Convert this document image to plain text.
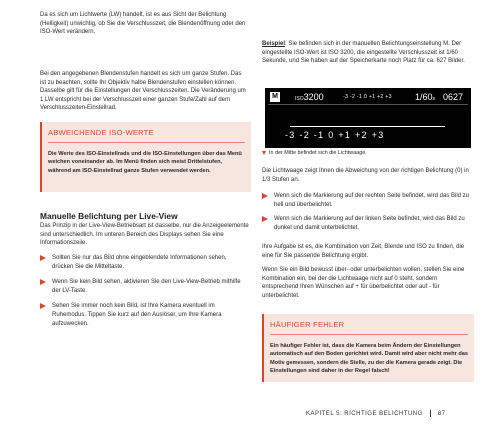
Da es sich um Lichtwerte (LW) handelt, ist es aus Sicht der Belichtung (Helligkeit) unwichtig, ob Sie die Verschlusszeit, die Blendenöffnung oder den ISO-Wert verändern.

Bei den angegebenen Blendenstufen handelt es sich um ganze Stufen. Das ist zu beachten, sollte Ihr Objektiv halbe Blendenstufen einstellen können. Dasselbe gilt für die Einstellungen der Verschlusszeiten. Die Veränderung um 1 LW entspricht bei der Verschlusszeit einer ganzen Stufe/Zahl auf dem Verschlusszeiten-Einstellrad.

ABWEICHENDE ISO-WERTE
Die Werte des ISO-Einstellrads und die ISO-Einstellungen über das Menü weichen voneinander ab. Im Menü finden sich meist Drittelstufen, während am ISO-Einstellrad ganze Stufen verwendet werden.
Manuelle Belichtung per Live-View

Das Prinzip in der Live-View-Betriebsart ist dasselbe, nur die Anzeigeelemente sind unterschiedlich. Im unteren Bereich des Displays sehen Sie eine Informationszeile.

Sollten Sie nur das Bild ohne eingeblendete Informationen sehen, drücken Sie die Mitteltaste.
Wenn Sie kein Bild sehen, aktivieren Sie den Live-View-Betrieb mithilfe der LV-Taste.
Sehen Sie immer noch kein Bild, ist Ihre Kamera eventuell im Ruhemodus. Tippen Sie kurz auf den Auslöser, um Ihre Kamera aufzuwecken.

Beispiel: Sie befinden sich in der manuellen Belichtungseinstellung M. Der eingestellte ISO-Wert ist ISO 3200, die eingestellte Verschlusszeit ist 1/60 Sekunde, und Sie haben auf der Speicherkarte noch Platz für ca. 627 Bilder.

M	ISO3200	-3 -2 -1 0 +1 +2 +3	1/60s 0627
-3 -2 -1 0 +1 +2 +3
In der Mitte befindet sich die Lichtwaage.

Die Lichtwaage zeigt Ihnen die Abweichung von der richtigen Belichtung (0) in 1/3 Stufen an.

Wenn sich die Markierung auf der rechten Seite befindet, wird das Bild zu hell und überbelichtet.
Wenn sich die Markierung auf der linken Seite befindet, wird das Bild zu dunkel und damit unterbelichtet.

Ihre Aufgabe ist es, die Kombination von Zeit, Blende und ISO zu finden, die eine für Sie passende Belichtung ergibt.

Wenn Sie ein Bild bewusst über- oder unterbelichten wollen, stellen Sie eine Kombination ein, bei der die Lichtwaage nicht auf 0 steht, sondern entsprechend Ihren Wünschen auf + für überbelichtet oder auf - für unterbelichtet.

HÄUFIGER FEHLER
Ein häufiger Fehler ist, dass die Kamera beim Ändern der Einstellungen automatisch auf den Boden gerichtet wird. Damit wird aber nicht mehr das Motiv gemessen, sondern die Stelle, zu der die Kamera gerade zeigt. Die Einstellungen sind daher in der Regel falsch!
KAPITEL 5: RICHTIGE BELICHTUNG	87
